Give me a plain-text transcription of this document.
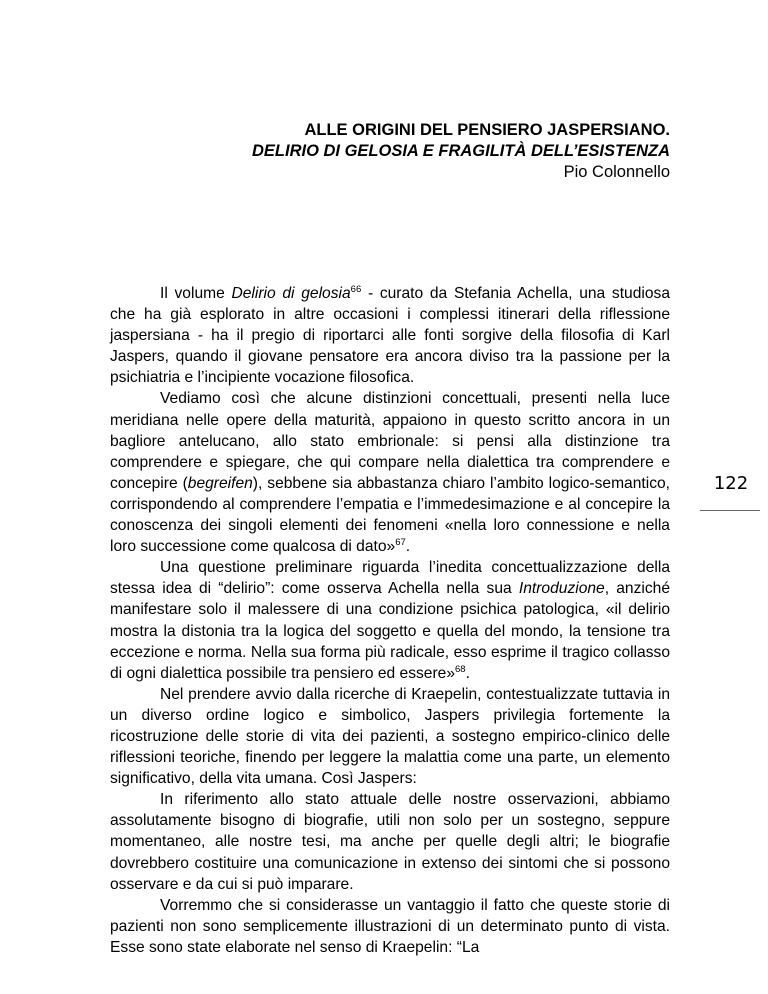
ALLE ORIGINI DEL PENSIERO JASPERSIANO.
DELIRIO DI GELOSIA E FRAGILITÀ DELL’ESISTENZA
Pio Colonnello

Il volume Delirio di gelosia$^{66}$ - curato da Stefania Achella, una studiosa che ha già esplorato in altre occasioni i complessi itinerari della riflessione jaspersiana - ha il pregio di riportarci alle fonti sorgive della filosofia di Karl Jaspers, quando il giovane pensatore era ancora diviso tra la passione per la psichiatria e l’incipiente vocazione filosofica.

Vediamo così che alcune distinzioni concettuali, presenti nella luce meridiana nelle opere della maturità, appaiono in questo scritto ancora in un bagliore antelucano, allo stato embrionale: si pensi alla distinzione tra comprendere e spiegare, che qui compare nella dialettica tra comprendere e concepire (begreifen), sebbene sia abbastanza chiaro l’ambito logico-semantico, corrispondendo al comprendere l’empatia e l’immedesimazione e al concepire la conoscenza dei singoli elementi dei fenomeni «nella loro connessione e nella loro successione come qualcosa di dato»$^{67}$.

Una questione preliminare riguarda l’inedita concettualizzazione della stessa idea di “delirio”: come osserva Achella nella sua Introduzione, anziché manifestare solo il malessere di una condizione psichica patologica, «il delirio mostra la distonia tra la logica del soggetto e quella del mondo, la tensione tra eccezione e norma. Nella sua forma più radicale, esso esprime il tragico collasso di ogni dialettica possibile tra pensiero ed essere»$^{68}$.

Nel prendere avvio dalla ricerche di Kraepelin, contestualizzate tuttavia in un diverso ordine logico e simbolico, Jaspers privilegia fortemente la ricostruzione delle storie di vita dei pazienti, a sostegno empirico-clinico delle riflessioni teoriche, finendo per leggere la malattia come una parte, un elemento significativo, della vita umana. Così Jaspers:

In riferimento allo stato attuale delle nostre osservazioni, abbiamo assolutamente bisogno di biografie, utili non solo per un sostegno, seppure momentaneo, alle nostre tesi, ma anche per quelle degli altri; le biografie dovrebbero costituire una comunicazione in extenso dei sintomi che si possono osservare e da cui si può imparare.

Vorremmo che si considerasse un vantaggio il fatto che queste storie di pazienti non sono semplicemente illustrazioni di un determinato punto di vista. Esse sono state elaborate nel senso di Kraepelin: “La

122
